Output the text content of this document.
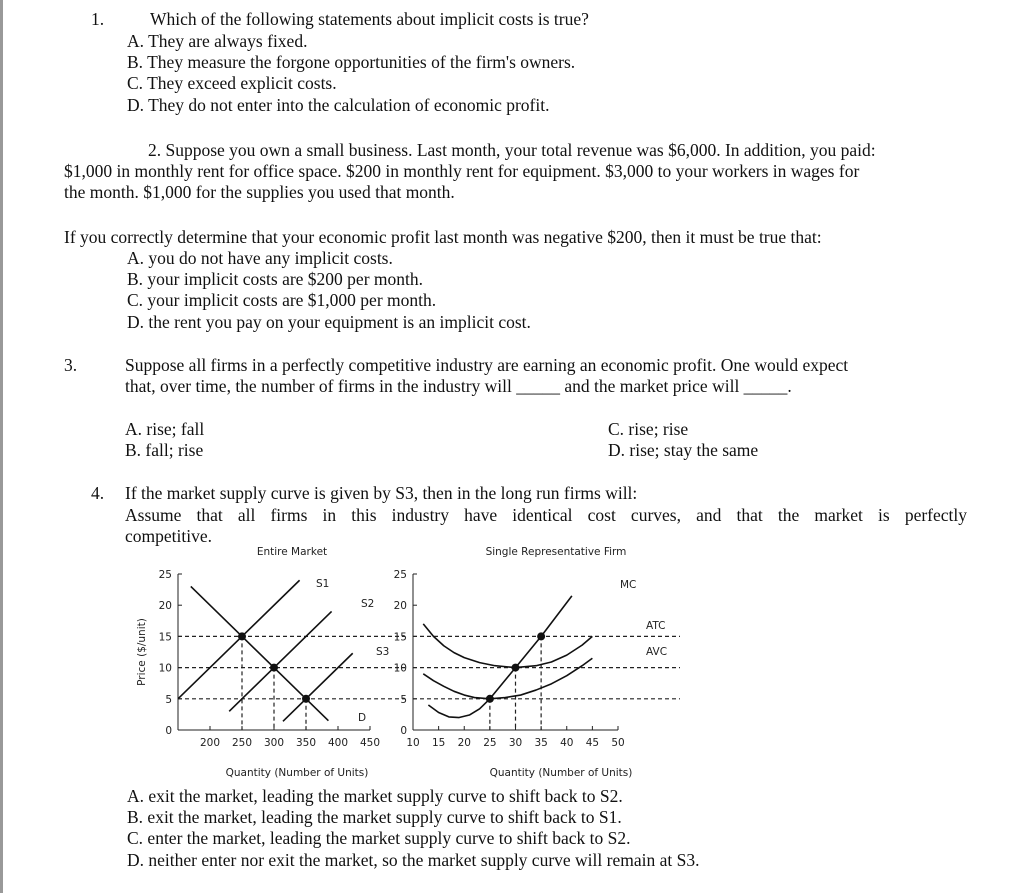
1.	Which of the following statements about implicit costs is true?
A. They are always fixed.
B. They measure the forgone opportunities of the firm's owners.
C. They exceed explicit costs.
D. They do not enter into the calculation of economic profit.
2. Suppose you own a small business. Last month, your total revenue was $6,000. In addition, you paid:
$1,000 in monthly rent for office space. $200 in monthly rent for equipment. $3,000 to your workers in wages for
the month. $1,000 for the supplies you used that month.
If you correctly determine that your economic profit last month was negative $200, then it must be true that:
A. you do not have any implicit costs.
B. your implicit costs are $200 per month.
C. your implicit costs are $1,000 per month.
D. the rent you pay on your equipment is an implicit cost.
3.	Suppose all firms in a perfectly competitive industry are earning an economic profit. One would expect
that, over time, the number of firms in the industry will _____ and the market price will _____.
A. rise; fall
B. fall; rise
C. rise; rise
D. rise; stay the same
4. If the market supply curve is given by S3, then in the long run firms will:
Assume that all firms in this industry have identical cost curves, and that the market is perfectly
competitive.
Entire Market
Quantity (Number of Units)
Price ($/unit)
0
5
10
15
20
25
200 250 300 350 400 450
S1
S2
S3
D
Single Representative Firm
Quantity (Number of Units)
0
5
10
15
20
25
10 15 20 25 30 35 40 45 50
MC
ATC
AVC
A. exit the market, leading the market supply curve to shift back to S2.
B. exit the market, leading the market supply curve to shift back to S1.
C. enter the market, leading the market supply curve to shift back to S2.
D. neither enter nor exit the market, so the market supply curve will remain at S3.
